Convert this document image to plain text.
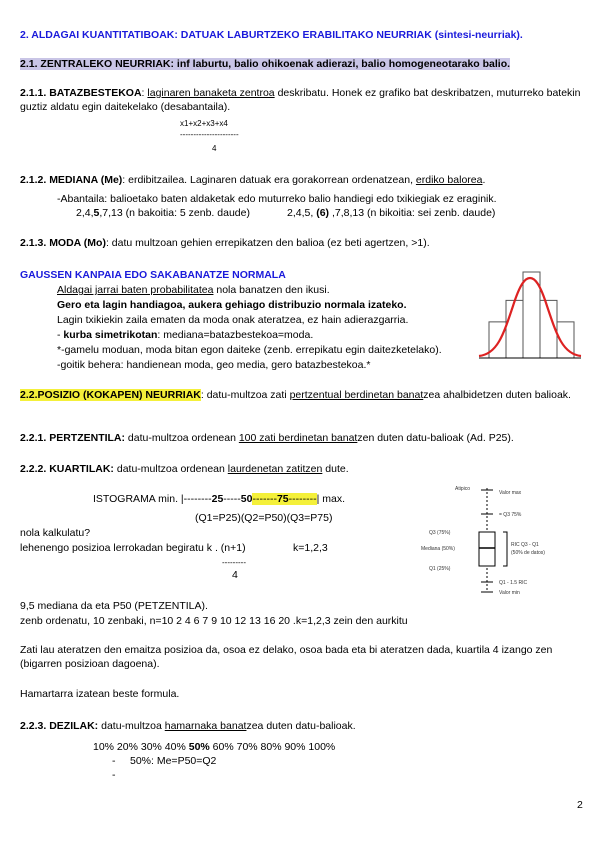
2. ALDAGAI KUANTITATIBOAK: DATUAK LABURTZEKO ERABILITAKO NEURRIAK (sintesi-neurriak).
2.1. ZENTRALEKO NEURRIAK: inf laburtu, balio ohikoenak adierazi, balio homogeneotarako balio.
2.1.1. BATAZBESTEKOA: laginaren banaketa zentroa deskribatu. Honek ez grafiko bat deskribatzen, muturreko batekin guztiz aldatu egin daitekelako (desabantaila).
x1+x2+x3+x4
----------------------
4
2.1.2. MEDIANA (Me): erdibitzailea. Laginaren datuak era gorakorrean ordenatzean, erdiko balorea.
-Abantaila: balioetako baten aldaketak edo muturreko balio handiegi edo txikiegiak ez eraginik.
2,4,5,7,13 (n bakoitia: 5 zenb. daude)	2,4,5, (6) ,7,8,13 (n bikoitia: sei zenb. daude)
2.1.3. MODA (Mo): datu multzoan gehien errepikatzen den balioa (ez beti agertzen, >1).
GAUSSEN KANPAIA EDO SAKABANATZE NORMALA
Aldagai jarrai baten probabilitatea nola banatzen den ikusi.
Gero eta lagin handiagoa, aukera gehiago distribuzio normala izateko.
Lagin txikiekin zaila ematen da moda onak ateratzea, ez hain adierazgarria.
- kurba simetrikotan: mediana=batazbestekoa=moda.
*-gamelu moduan, moda bitan egon daiteke (zenb. errepikatu egin daitezketelako).
-goitik behera: handienean moda, geo media, gero batazbestekoa.*
2.2.POSIZIO (KOKAPEN) NEURRIAK: datu-multzoa zati pertzentual berdinetan banatzea ahalbidetzen duten balioak.
2.2.1. PERTZENTILA: datu-multzoa ordenean 100 zati berdinetan banatzen duten datu-balioak (Ad. P25).
2.2.2. KUARTILAK: datu-multzoa ordenean laurdenetan zatitzen dute.
ISTOGRAMA min. |--------25-----50-------75--------| max.
(Q1=P25)(Q2=P50)(Q3=P75)
nola kalkulatu?
lehenengo posizioa lerrokadan begiratu k . (n+1)	k=1,2,3
---------
4
Atipico
Valor max
= Q3 75%
Q3 (75%)
Mediana (50%)
RIC Q3 - Q1
(50% de datos)
Q1 (25%)
Q1 - 1.5 RIC
Valor min
9,5 mediana da eta P50 (PETZENTILA).
zenb ordenatu, 10 zenbaki, n=10 2 4 6 7 9 10 12 13 16 20 .k=1,2,3 zein den aurkitu
Zati lau ateratzen den emaitza posizioa da, osoa ez delako, osoa bada eta bi ateratzen dada, kuartila 4 izango zen (bigarren posizioan dagoena).
Hamartarra izatean beste formula.
2.2.3. DEZILAK: datu-multzoa hamarnaka banatzea duten datu-balioak.
10% 20% 30% 40% 50% 60% 70% 80% 90% 100%
- 50%: Me=P50=Q2
-
2
